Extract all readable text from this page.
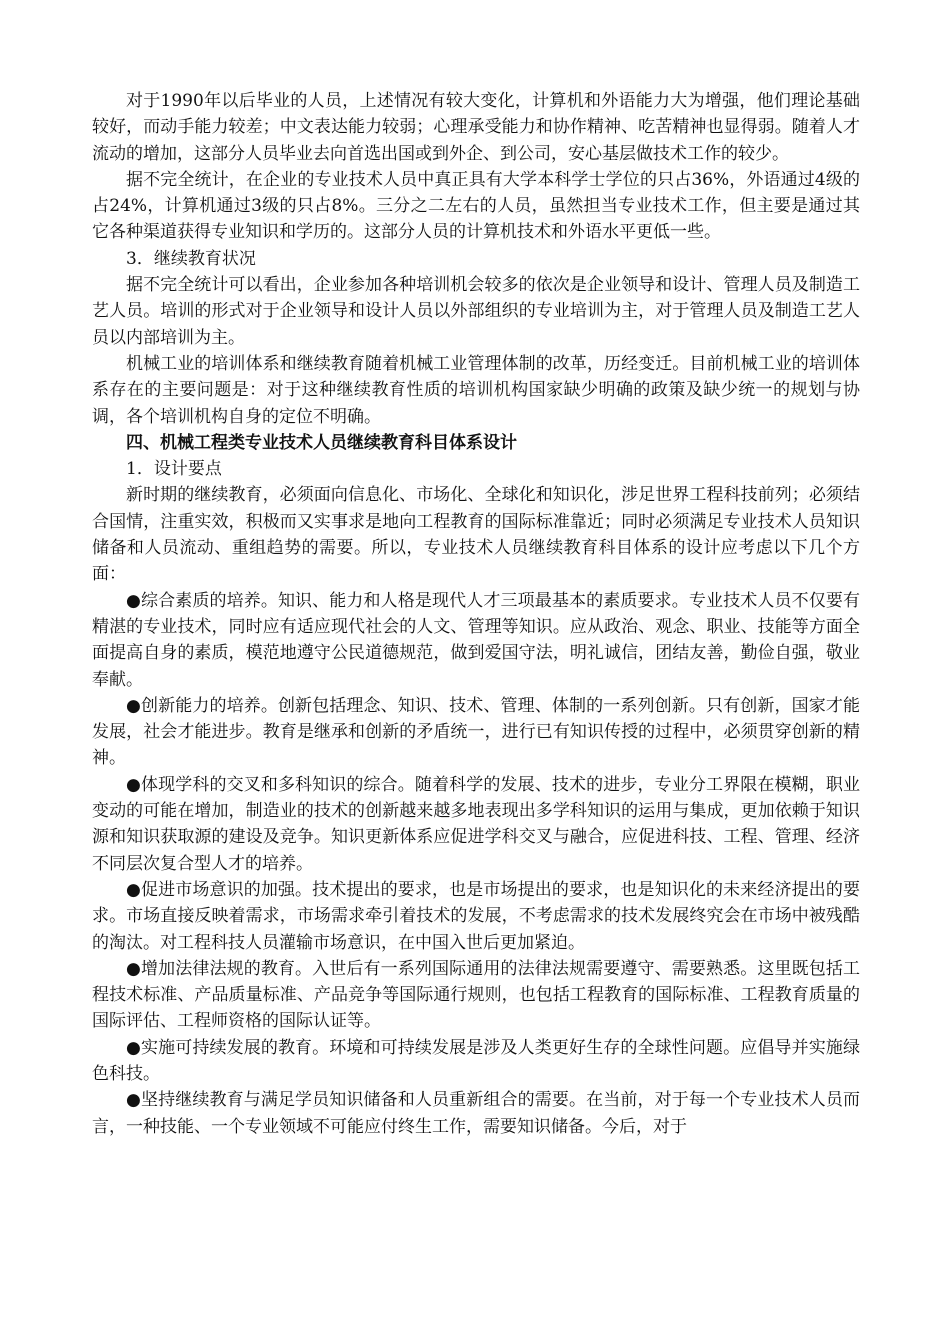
对于1990年以后毕业的人员，上述情况有较大变化，计算机和外语能力大为增强，他们理论基础较好，而动手能力较差；中文表达能力较弱；心理承受能力和协作精神、吃苦精神也显得弱。随着人才流动的增加，这部分人员毕业去向首选出国或到外企、到公司，安心基层做技术工作的较少。

据不完全统计，在企业的专业技术人员中真正具有大学本科学士学位的只占36%，外语通过4级的占24%，计算机通过3级的只占8%。三分之二左右的人员，虽然担当专业技术工作，但主要是通过其它各种渠道获得专业知识和学历的。这部分人员的计算机技术和外语水平更低一些。

3．继续教育状况

据不完全统计可以看出，企业参加各种培训机会较多的依次是企业领导和设计、管理人员及制造工艺人员。培训的形式对于企业领导和设计人员以外部组织的专业培训为主，对于管理人员及制造工艺人员以内部培训为主。

机械工业的培训体系和继续教育随着机械工业管理体制的改革，历经变迁。目前机械工业的培训体系存在的主要问题是：对于这种继续教育性质的培训机构国家缺少明确的政策及缺少统一的规划与协调，各个培训机构自身的定位不明确。

四、机械工程类专业技术人员继续教育科目体系设计

1．设计要点

新时期的继续教育，必须面向信息化、市场化、全球化和知识化，涉足世界工程科技前列；必须结合国情，注重实效，积极而又实事求是地向工程教育的国际标准靠近；同时必须满足专业技术人员知识储备和人员流动、重组趋势的需要。所以，专业技术人员继续教育科目体系的设计应考虑以下几个方面：

●综合素质的培养。知识、能力和人格是现代人才三项最基本的素质要求。专业技术人员不仅要有精湛的专业技术，同时应有适应现代社会的人文、管理等知识。应从政治、观念、职业、技能等方面全面提高自身的素质，模范地遵守公民道德规范，做到爱国守法，明礼诚信，团结友善，勤俭自强，敬业奉献。

●创新能力的培养。创新包括理念、知识、技术、管理、体制的一系列创新。只有创新，国家才能发展，社会才能进步。教育是继承和创新的矛盾统一，进行已有知识传授的过程中，必须贯穿创新的精神。

●体现学科的交叉和多科知识的综合。随着科学的发展、技术的进步，专业分工界限在模糊，职业变动的可能在增加，制造业的技术的创新越来越多地表现出多学科知识的运用与集成，更加依赖于知识源和知识获取源的建设及竞争。知识更新体系应促进学科交叉与融合，应促进科技、工程、管理、经济不同层次复合型人才的培养。

●促进市场意识的加强。技术提出的要求，也是市场提出的要求，也是知识化的未来经济提出的要求。市场直接反映着需求，市场需求牵引着技术的发展，不考虑需求的技术发展终究会在市场中被残酷的淘汰。对工程科技人员灌输市场意识，在中国入世后更加紧迫。

●增加法律法规的教育。入世后有一系列国际通用的法律法规需要遵守、需要熟悉。这里既包括工程技术标准、产品质量标准、产品竞争等国际通行规则，也包括工程教育的国际标准、工程教育质量的国际评估、工程师资格的国际认证等。

●实施可持续发展的教育。环境和可持续发展是涉及人类更好生存的全球性问题。应倡导并实施绿色科技。

●坚持继续教育与满足学员知识储备和人员重新组合的需要。在当前，对于每一个专业技术人员而言，一种技能、一个专业领域不可能应付终生工作，需要知识储备。今后，对于
